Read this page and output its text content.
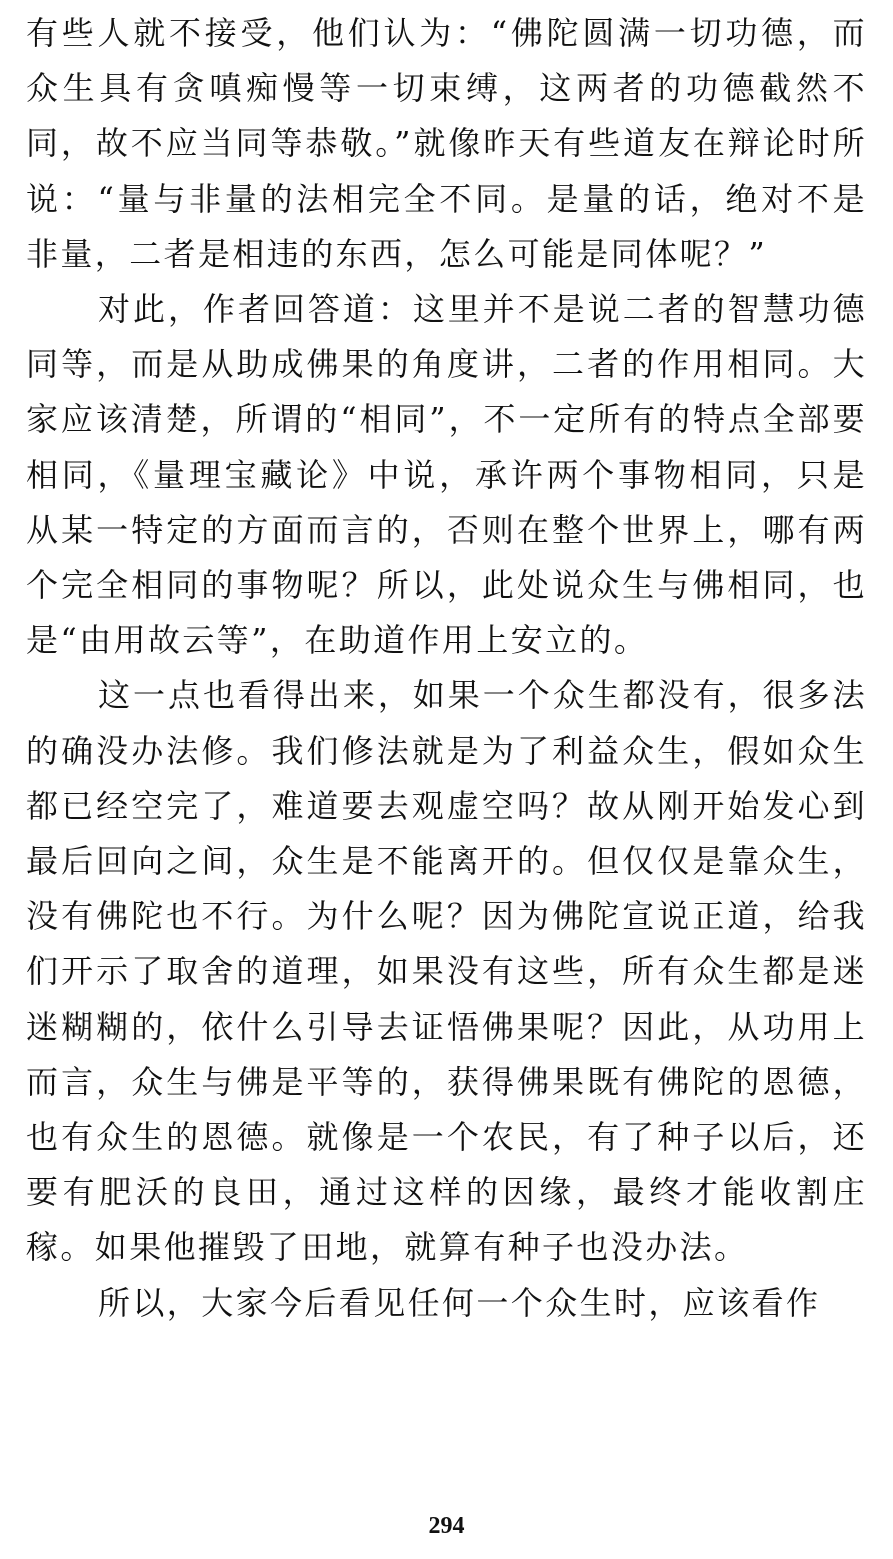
有些人就不接受，他们认为：“佛陀圆满一切功德，而众生具有贪嗔痴慢等一切束缚，这两者的功德截然不同，故不应当同等恭敬。”就像昨天有些道友在辩论时所说：“量与非量的法相完全不同。是量的话，绝对不是非量，二者是相违的东西，怎么可能是同体呢？”

对此，作者回答道：这里并不是说二者的智慧功德同等，而是从助成佛果的角度讲，二者的作用相同。大家应该清楚，所谓的“相同”，不一定所有的特点全部要相同，《量理宝藏论》中说，承许两个事物相同，只是从某一特定的方面而言的，否则在整个世界上，哪有两个完全相同的事物呢？所以，此处说众生与佛相同，也是“由用故云等”，在助道作用上安立的。

这一点也看得出来，如果一个众生都没有，很多法的确没办法修。我们修法就是为了利益众生，假如众生都已经空完了，难道要去观虚空吗？故从刚开始发心到最后回向之间，众生是不能离开的。但仅仅是靠众生，没有佛陀也不行。为什么呢？因为佛陀宣说正道，给我们开示了取舍的道理，如果没有这些，所有众生都是迷迷糊糊的，依什么引导去证悟佛果呢？因此，从功用上而言，众生与佛是平等的，获得佛果既有佛陀的恩德，也有众生的恩德。就像是一个农民，有了种子以后，还要有肥沃的良田，通过这样的因缘，最终才能收割庄稼。如果他摧毁了田地，就算有种子也没办法。

所以，大家今后看见任何一个众生时，应该看作

294
